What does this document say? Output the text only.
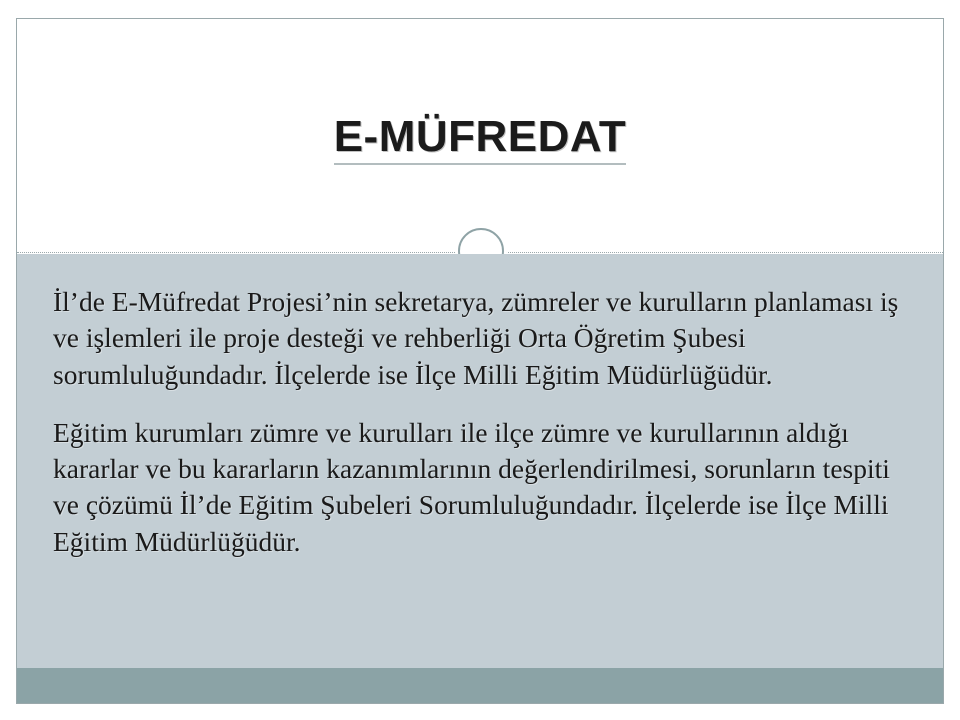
E-MÜFREDAT

İl’de E-Müfredat Projesi’nin sekretarya, zümreler ve kurulların planlaması iş ve işlemleri ile proje desteği ve rehberliği Orta Öğretim Şubesi sorumluluğundadır. İlçelerde ise İlçe Milli Eğitim Müdürlüğüdür.

Eğitim kurumları zümre ve kurulları ile ilçe zümre ve kurullarının aldığı kararlar ve bu kararların kazanımlarının değerlendirilmesi, sorunların tespiti ve çözümü İl’de Eğitim Şubeleri Sorumluluğundadır. İlçelerde ise İlçe Milli Eğitim Müdürlüğüdür.
